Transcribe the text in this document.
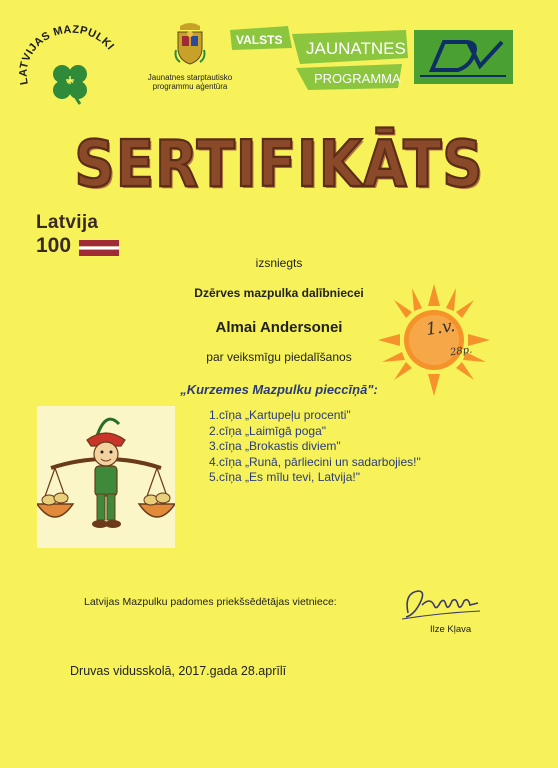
LATVIJAS MAZPULKI
Jaunatnes starptautisko
programmu aģentūra
VALSTS JAUNATNES
PROGRAMMA
SERTIFIKĀTS
Latvija
100
izsniegts
Dzērves mazpulka dalībniecei
Almai Andersonei
par veiksmīgu piedalīšanos
„Kurzemes Mazpulku pieccīņā":
1.cīņa „Kartupeļu procenti"
2.cīņa „Laimīgā poga"
3.cīņa „Brokastis diviem"
4.cīņa „Runā, pārliecini un sadarbojies!"
5.cīņa „Es mīlu tevi, Latvija!"
1.v.
28p.
Latvijas Mazpulku padomes priekšsēdētājas vietniece:
Ilze Kļava
Druvas vidusskolā, 2017.gada 28.aprīlī
